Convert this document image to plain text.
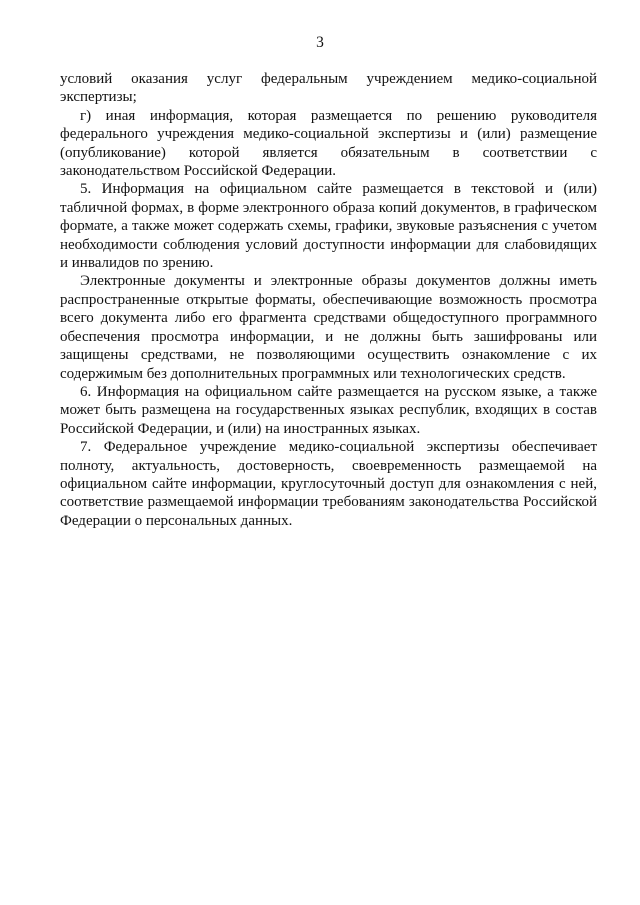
3

условий оказания услуг федеральным учреждением медико-социальной экспертизы;

г) иная информация, которая размещается по решению руководителя федерального учреждения медико-социальной экспертизы и (или) размещение (опубликование) которой является обязательным в соответствии с законодательством Российской Федерации.

5. Информация на официальном сайте размещается в текстовой и (или) табличной формах, в форме электронного образа копий документов, в графическом формате, а также может содержать схемы, графики, звуковые разъяснения с учетом необходимости соблюдения условий доступности информации для слабовидящих и инвалидов по зрению.

Электронные документы и электронные образы документов должны иметь распространенные открытые форматы, обеспечивающие возможность просмотра всего документа либо его фрагмента средствами общедоступного программного обеспечения просмотра информации, и не должны быть зашифрованы или защищены средствами, не позволяющими осуществить ознакомление с их содержимым без дополнительных программных или технологических средств.

6. Информация на официальном сайте размещается на русском языке, а также может быть размещена на государственных языках республик, входящих в состав Российской Федерации, и (или) на иностранных языках.

7. Федеральное учреждение медико-социальной экспертизы обеспечивает полноту, актуальность, достоверность, своевременность размещаемой на официальном сайте информации, круглосуточный доступ для ознакомления с ней, соответствие размещаемой информации требованиям законодательства Российской Федерации о персональных данных.
